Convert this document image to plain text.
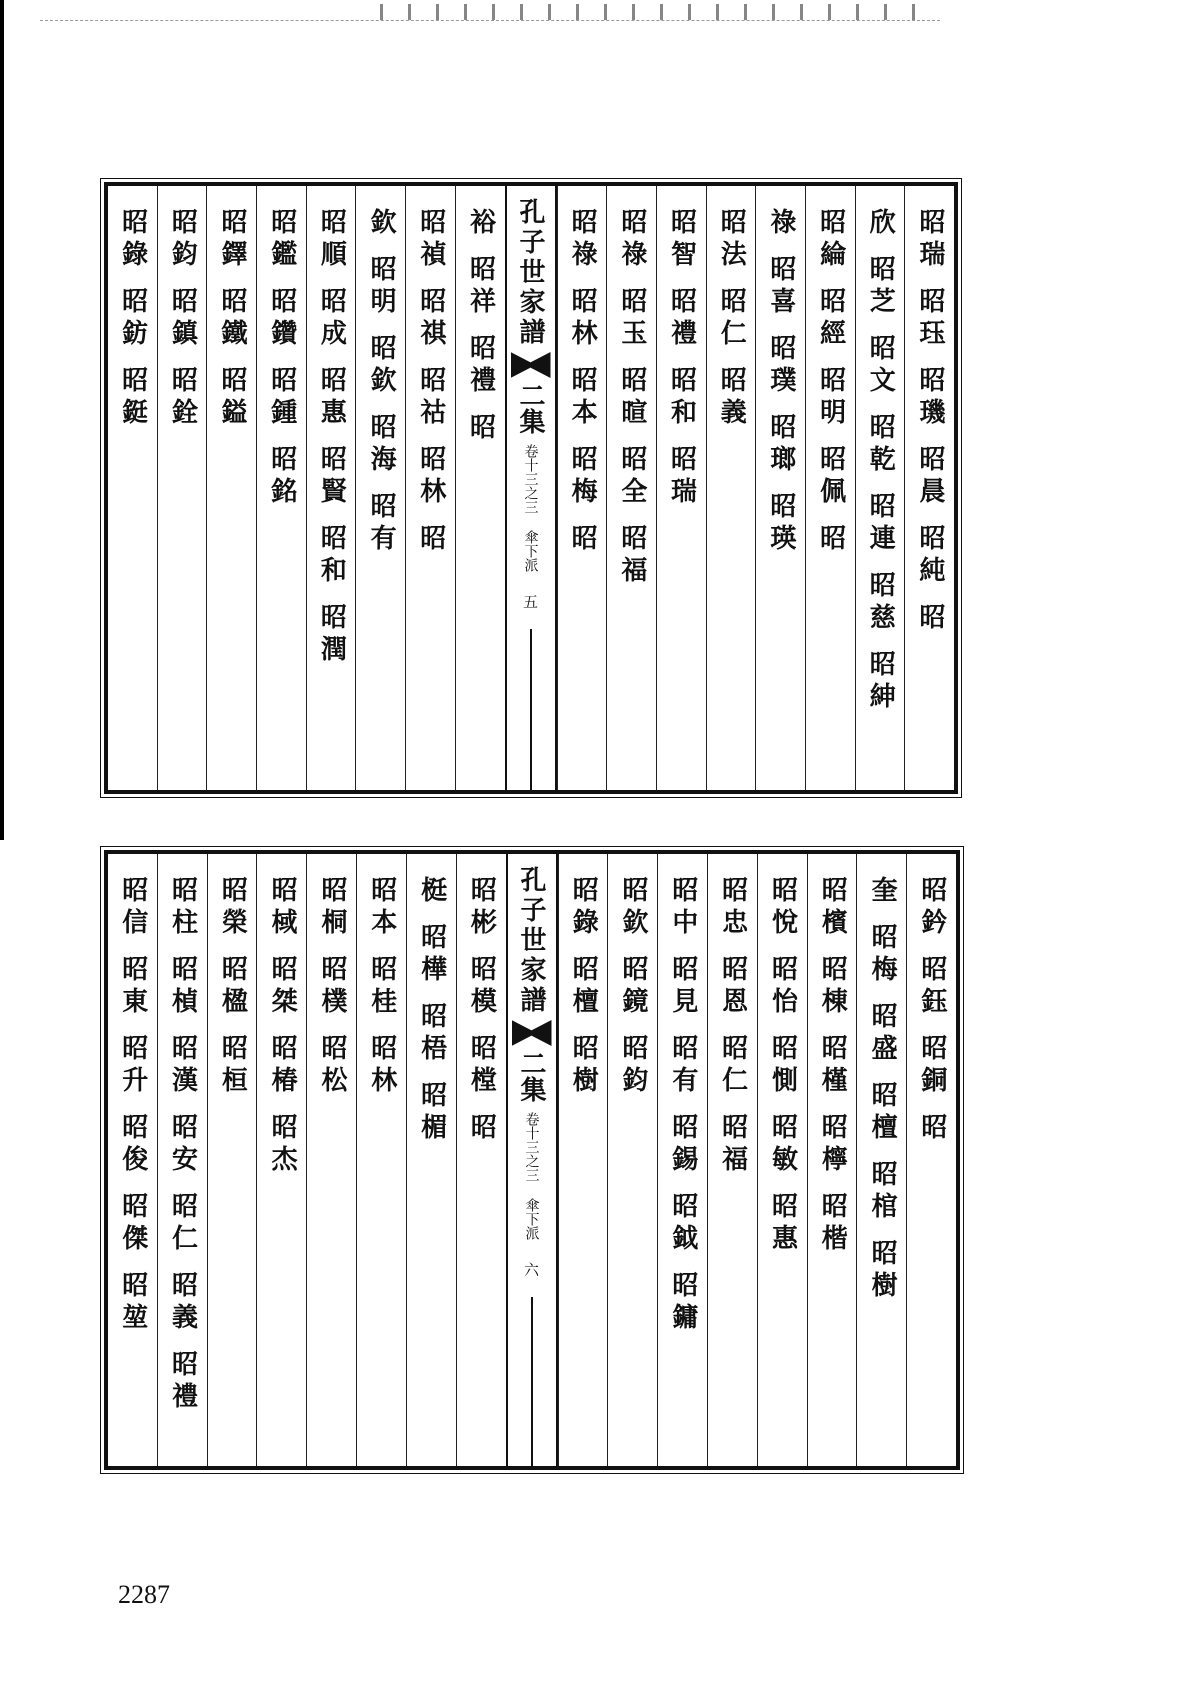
昭瑞 昭珏 昭璣 昭晨 昭純 昭
欣 昭芝 昭文 昭乾 昭連 昭慈 昭紳
昭綸 昭經 昭明 昭佩 昭
祿 昭喜 昭璞 昭瑯 昭瑛
昭法 昭仁 昭義
昭智 昭禮 昭和 昭瑞
昭祿 昭玉 昭暄 昭全 昭福
昭祿 昭林 昭本 昭梅 昭
孔子世家譜
二集
卷十三之三
傘下派
五
裕 昭祥 昭禮 昭
昭禎 昭祺 昭祜 昭林 昭
欽 昭明 昭欽 昭海 昭有
昭順 昭成 昭惠 昭賢 昭和 昭潤
昭鑑 昭鑽 昭鍾 昭銘
昭鐸 昭鐵 昭鎰
昭鈞 昭鎮 昭銓
昭錄 昭鈁 昭鋌
昭鈐 昭鈺 昭銅 昭
奎 昭梅 昭盛 昭檀 昭棺 昭樹
昭檳 昭棟 昭槿 昭檸 昭楷
昭悅 昭怡 昭惻 昭敏 昭惠
昭忠 昭恩 昭仁 昭福
昭中 昭見 昭有 昭錫 昭鉞 昭鏞
昭欽 昭鏡 昭鈞
昭錄 昭檀 昭樹
孔子世家譜
二集
卷十三之三
傘下派
六
昭彬 昭模 昭樘 昭
梃 昭樺 昭梧 昭楣
昭本 昭桂 昭林
昭桐 昭樸 昭松
昭棫 昭桀 昭椿 昭杰
昭榮 昭楹 昭桓
昭柱 昭楨 昭漢 昭安 昭仁 昭義 昭禮
昭信 昭東 昭升 昭俊 昭傑 昭堃
2287
